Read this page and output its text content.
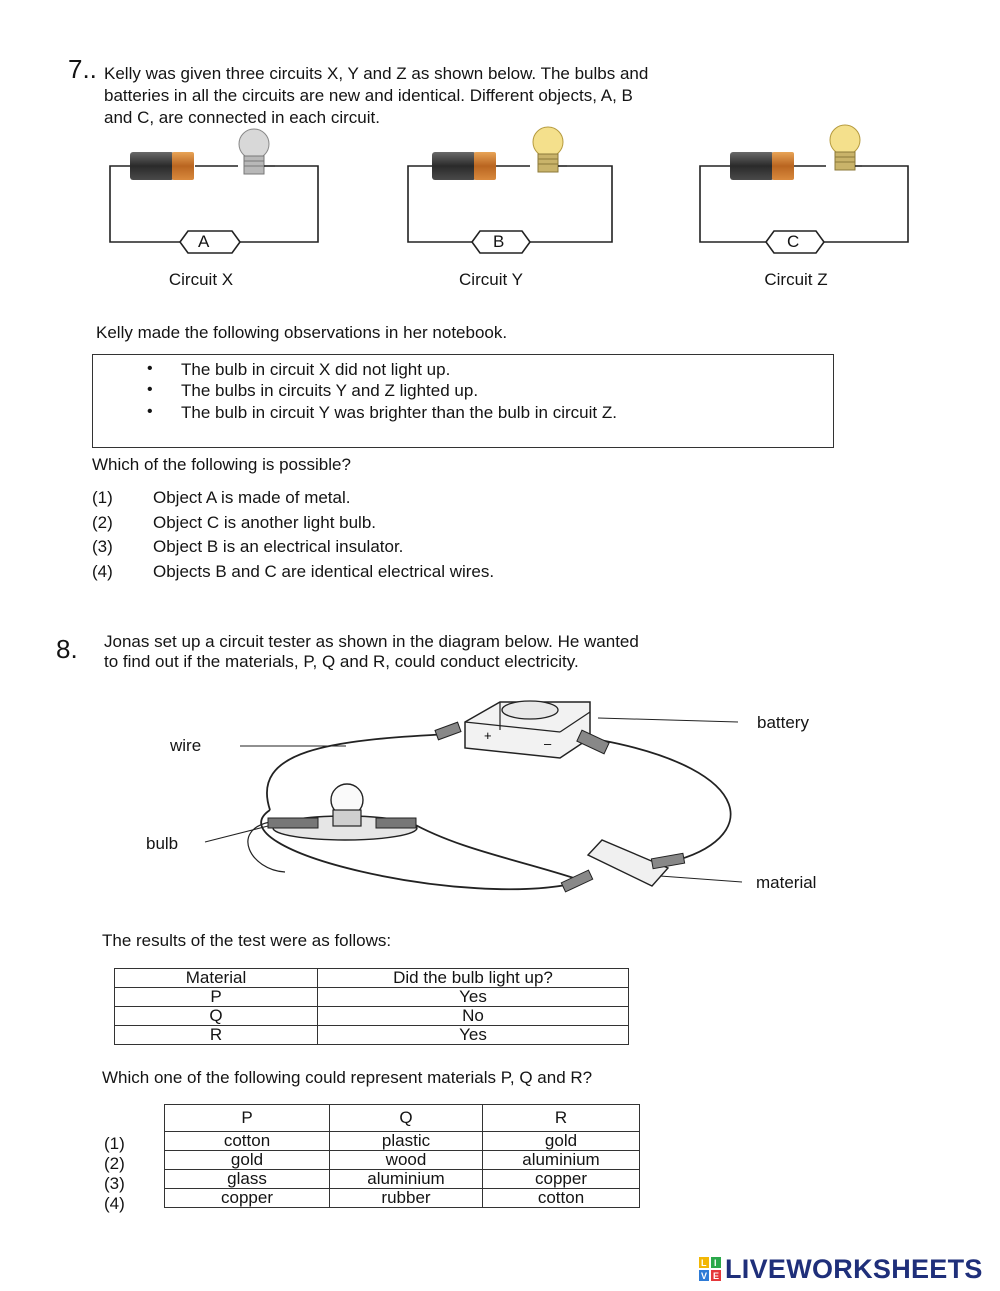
7.. Kelly was given three circuits X, Y and Z as shown below. The bulbs and
batteries in all the circuits are new and identical. Different objects, A, B
and C, are connected in each circuit.
A	B	C
Circuit X	Circuit Y	Circuit Z
Kelly made the following observations in her notebook.
• The bulb in circuit X did not light up.
• The bulbs in circuits Y and Z lighted up.
• The bulb in circuit Y was brighter than the bulb in circuit Z.
Which of the following is possible?
(1) Object A is made of metal.
(2) Object C is another light bulb.
(3) Object B is an electrical insulator.
(4) Objects B and C are identical electrical wires.
8. Jonas set up a circuit tester as shown in the diagram below. He wanted
to find out if the materials, P, Q and R, could conduct electricity.
+
–
wire
bulb
battery
material
The results of the test were as follows:
Material	Did the bulb light up?
P	Yes
Q	No
R	Yes
Which one of the following could represent materials P, Q and R?
P	Q	R
cotton	plastic	gold
gold	wood	aluminium
glass	aluminium	copper
copper	rubber	cotton
(1)
(2)
(3)
(4)
L I
V E LIVEWORKSHEETS
